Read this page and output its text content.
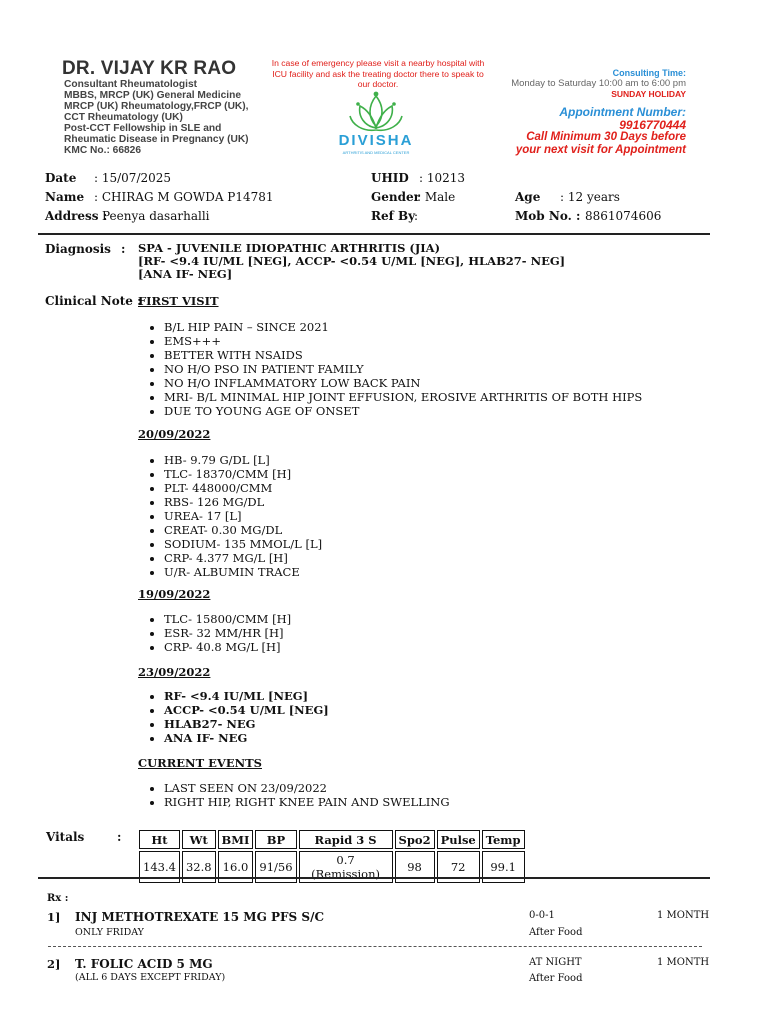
DR. VIJAY KR RAO
Consultant Rheumatologist
MBBS, MRCP (UK) General Medicine
MRCP (UK) Rheumatology,FRCP (UK),
CCT Rheumatology (UK)
Post-CCT Fellowship in SLE and
Rheumatic Disease in Pregnancy (UK)
KMC No.: 66826
In case of emergency please visit a nearby hospital with ICU facility and ask the treating doctor there to speak to our doctor.
DIVISHA
ARTHRITIS AND MEDICAL CENTER
Consulting Time:
Monday to Saturday 10:00 am to 6:00 pm
SUNDAY HOLIDAY
Appointment Number:
9916770444
Call Minimum 30 Days before
your next visit for Appointment
Date : 15/07/2025
Name : CHIRAG M GOWDA P14781
Address :
Peenya dasarhalli
UHID : 10213
Gender
: Male
Ref By
:
Age : 12 years
Mob No. : 8861074606
Diagnosis : SPA - JUVENILE IDIOPATHIC ARTHRITIS (JIA)
[RF- <9.4 IU/ML [NEG], ACCP- <0.54 U/ML [NEG], HLAB27- NEG]
[ANA IF- NEG]
Clinical Note :
FIRST VISIT
• B/L HIP PAIN – SINCE 2021
• EMS+++
• BETTER WITH NSAIDS
• NO H/O PSO IN PATIENT FAMILY
• NO H/O INFLAMMATORY LOW BACK PAIN
• MRI- B/L MINIMAL HIP JOINT EFFUSION, EROSIVE ARTHRITIS OF BOTH HIPS
• DUE TO YOUNG AGE OF ONSET
20/09/2022
• HB- 9.79 G/DL [L]
• TLC- 18370/CMM [H]
• PLT- 448000/CMM
• RBS- 126 MG/DL
• UREA- 17 [L]
• CREAT- 0.30 MG/DL
• SODIUM- 135 MMOL/L [L]
• CRP- 4.377 MG/L [H]
• U/R- ALBUMIN TRACE
19/09/2022
• TLC- 15800/CMM [H]
• ESR- 32 MM/HR [H]
• CRP- 40.8 MG/L [H]
23/09/2022
• RF- <9.4 IU/ML [NEG]
• ACCP- <0.54 U/ML [NEG]
• HLAB27- NEG
• ANA IF- NEG
CURRENT EVENTS
• LAST SEEN ON 23/09/2022
• RIGHT HIP, RIGHT KNEE PAIN AND SWELLING
Vitals	:	Ht	Wt	BMI	BP	Rapid 3 S	Spo2	Pulse	Temp
143.4	32.8	16.0	91/56	0.7 (Remission)	98	72	99.1
Rx :
1] INJ METHOTREXATE 15 MG PFS S/C
ONLY FRIDAY
0-0-1
After Food
1 MONTH
2] T. FOLIC ACID 5 MG
(ALL 6 DAYS EXCEPT FRIDAY)
AT NIGHT
After Food
1 MONTH
